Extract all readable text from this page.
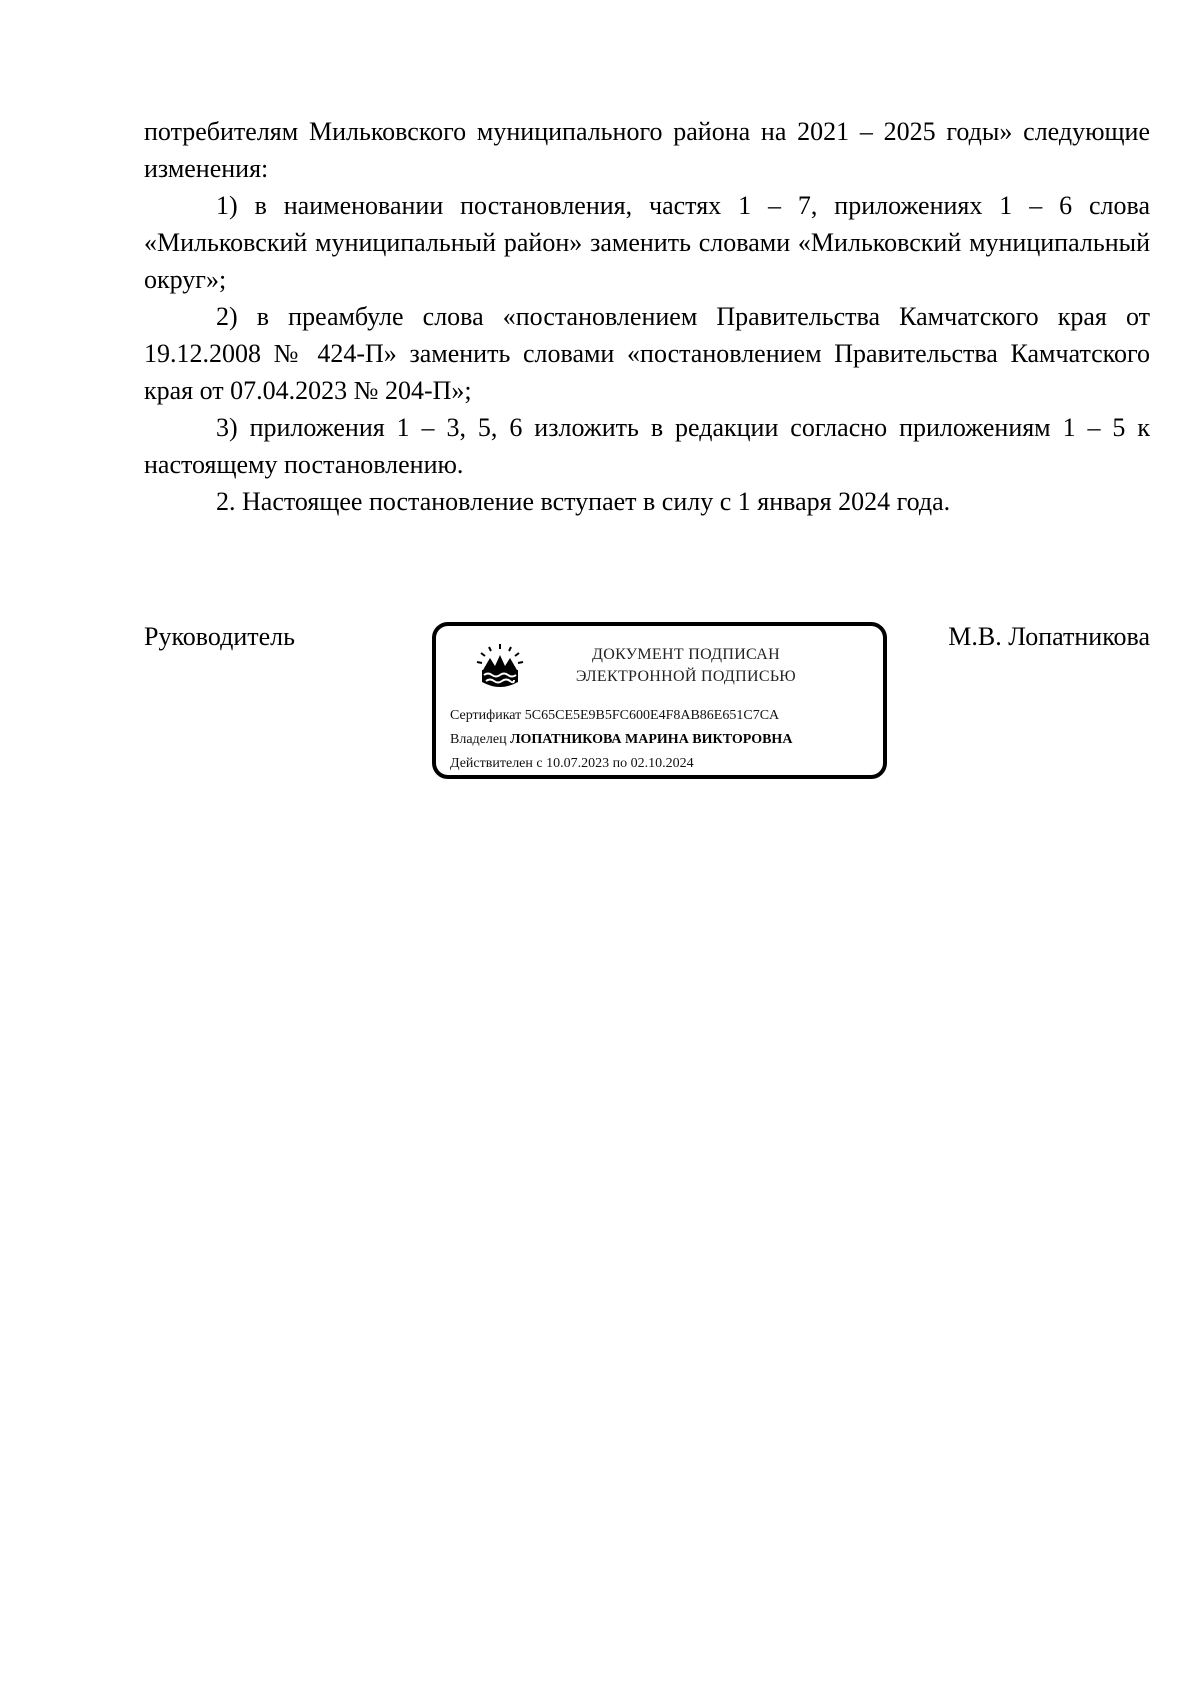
потребителям Мильковского муниципального района на 2021 – 2025 годы» следующие изменения:

1) в наименовании постановления, частях 1 – 7, приложениях 1 – 6 слова «Мильковский муниципальный район» заменить словами «Мильковский муниципальный округ»;

2) в преамбуле слова «постановлением Правительства Камчатского края от 19.12.2008 № 424-П» заменить словами «постановлением Правительства Камчатского края от 07.04.2023 № 204-П»;

3) приложения 1 – 3, 5, 6 изложить в редакции согласно приложениям 1 – 5 к настоящему постановлению.

2. Настоящее постановление вступает в силу с 1 января 2024 года.

Руководитель
ДОКУМЕНТ ПОДПИСАН
ЭЛЕКТРОННОЙ ПОДПИСЬЮ
Сертификат 5C65CE5E9B5FC600E4F8AB86E651C7CA
Владелец ЛОПАТНИКОВА МАРИНА ВИКТОРОВНА
Действителен с 10.07.2023 по 02.10.2024
М.В. Лопатникова
